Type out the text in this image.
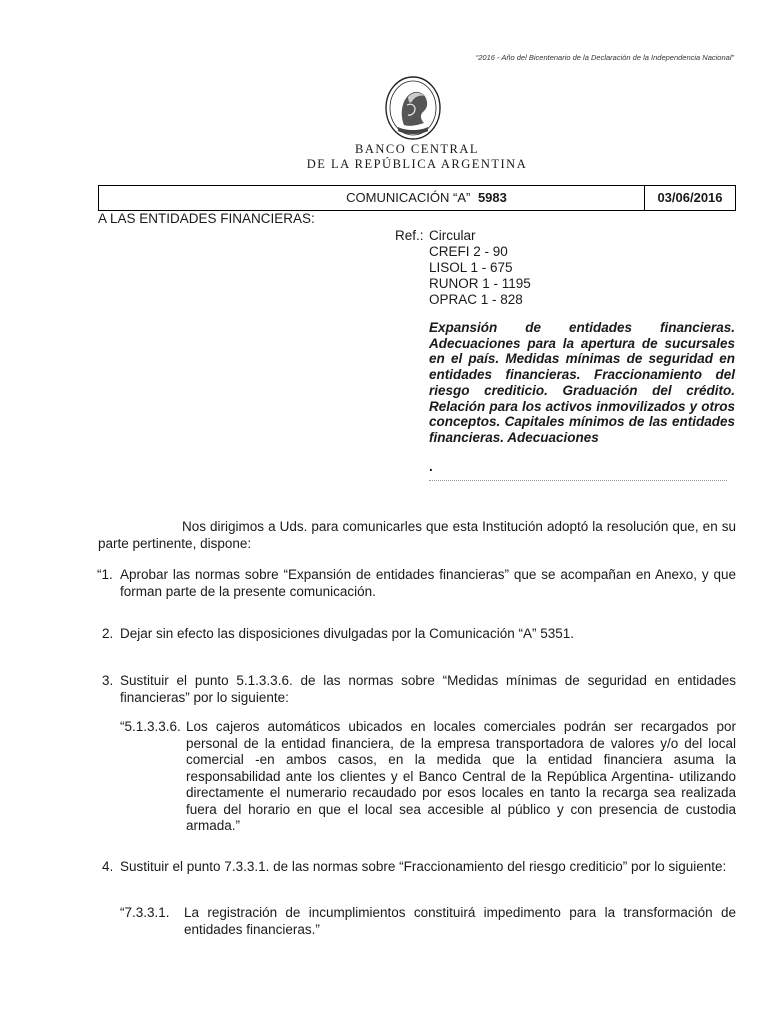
“2016 - Año del Bicentenario de la Declaración de la Independencia Nacional”
BANCO CENTRAL
DE LA REPÚBLICA ARGENTINA
COMUNICACIÓN “A” 5983	03/06/2016
A LAS ENTIDADES FINANCIERAS:
Ref.: Circular
CREFI 2 - 90
LISOL 1 - 675
RUNOR 1 - 1195
OPRAC 1 - 828
Expansión de entidades financieras. Adecuaciones para la apertura de sucursales en el país. Medidas mínimas de seguridad en entidades financieras. Fraccionamiento del riesgo crediticio. Graduación del crédito. Relación para los activos inmovilizados y otros conceptos. Capitales mínimos de las entidades financieras. Adecuaciones
.
Nos dirigimos a Uds. para comunicarles que esta Institución adoptó la resolución que, en su parte pertinente, dispone:
“1. Aprobar las normas sobre “Expansión de entidades financieras” que se acompañan en Anexo, y que forman parte de la presente comunicación.
2. Dejar sin efecto las disposiciones divulgadas por la Comunicación “A” 5351.
3. Sustituir el punto 5.1.3.3.6. de las normas sobre “Medidas mínimas de seguridad en entidades financieras” por lo siguiente:
“5.1.3.3.6. Los cajeros automáticos ubicados en locales comerciales podrán ser recargados por personal de la entidad financiera, de la empresa transportadora de valores y/o del local comercial -en ambos casos, en la medida que la entidad financiera asuma la responsabilidad ante los clientes y el Banco Central de la República Argentina- utilizando directamente el numerario recaudado por esos locales en tanto la recarga sea realizada fuera del horario en que el local sea accesible al público y con presencia de custodia armada.”
4. Sustituir el punto 7.3.3.1. de las normas sobre “Fraccionamiento del riesgo crediticio” por lo siguiente:
“7.3.3.1. La registración de incumplimientos constituirá impedimento para la transformación de entidades financieras.”
